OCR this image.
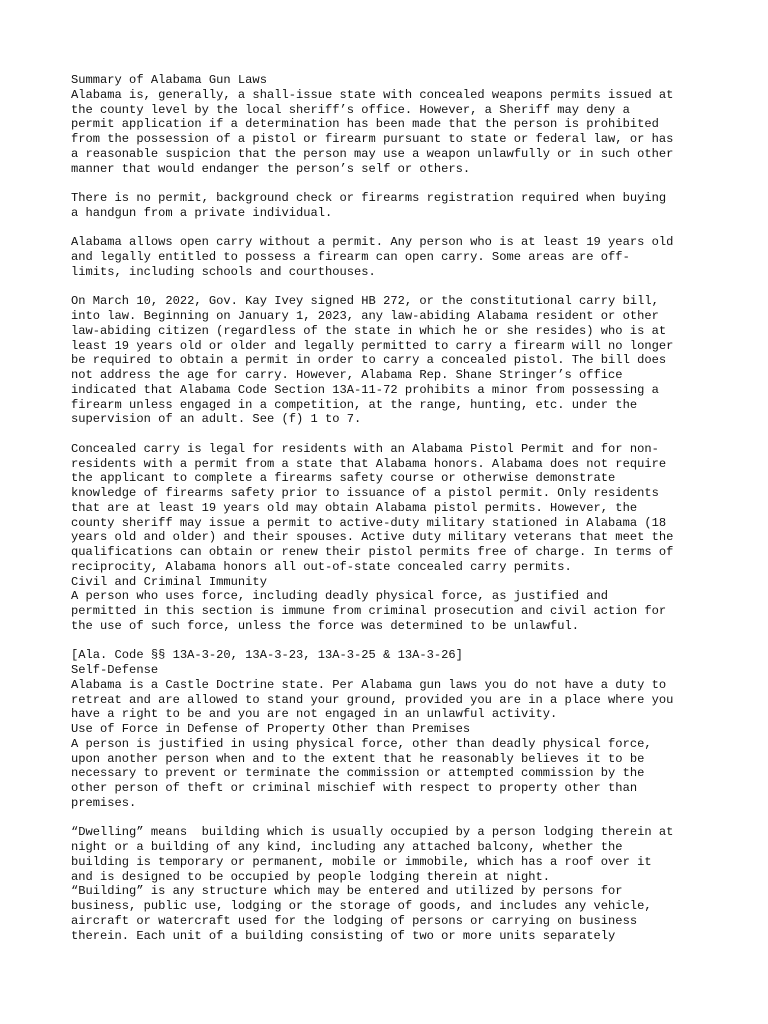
Summary of Alabama Gun Laws
Alabama is, generally, a shall-issue state with concealed weapons permits issued at
the county level by the local sheriff’s office. However, a Sheriff may deny a
permit application if a determination has been made that the person is prohibited
from the possession of a pistol or firearm pursuant to state or federal law, or has
a reasonable suspicion that the person may use a weapon unlawfully or in such other
manner that would endanger the person’s self or others.
There is no permit, background check or firearms registration required when buying
a handgun from a private individual.
Alabama allows open carry without a permit. Any person who is at least 19 years old
and legally entitled to possess a firearm can open carry. Some areas are off-
limits, including schools and courthouses.
On March 10, 2022, Gov. Kay Ivey signed HB 272, or the constitutional carry bill,
into law. Beginning on January 1, 2023, any law-abiding Alabama resident or other
law-abiding citizen (regardless of the state in which he or she resides) who is at
least 19 years old or older and legally permitted to carry a firearm will no longer
be required to obtain a permit in order to carry a concealed pistol. The bill does
not address the age for carry. However, Alabama Rep. Shane Stringer’s office
indicated that Alabama Code Section 13A-11-72 prohibits a minor from possessing a
firearm unless engaged in a competition, at the range, hunting, etc. under the
supervision of an adult. See (f) 1 to 7.
Concealed carry is legal for residents with an Alabama Pistol Permit and for non-
residents with a permit from a state that Alabama honors. Alabama does not require
the applicant to complete a firearms safety course or otherwise demonstrate
knowledge of firearms safety prior to issuance of a pistol permit. Only residents
that are at least 19 years old may obtain Alabama pistol permits. However, the
county sheriff may issue a permit to active-duty military stationed in Alabama (18
years old and older) and their spouses. Active duty military veterans that meet the
qualifications can obtain or renew their pistol permits free of charge. In terms of
reciprocity, Alabama honors all out-of-state concealed carry permits.
Civil and Criminal Immunity
A person who uses force, including deadly physical force, as justified and
permitted in this section is immune from criminal prosecution and civil action for
the use of such force, unless the force was determined to be unlawful.
[Ala. Code §§ 13A-3-20, 13A-3-23, 13A-3-25 & 13A-3-26]
Self-Defense
Alabama is a Castle Doctrine state. Per Alabama gun laws you do not have a duty to
retreat and are allowed to stand your ground, provided you are in a place where you
have a right to be and you are not engaged in an unlawful activity.
Use of Force in Defense of Property Other than Premises
A person is justified in using physical force, other than deadly physical force,
upon another person when and to the extent that he reasonably believes it to be
necessary to prevent or terminate the commission or attempted commission by the
other person of theft or criminal mischief with respect to property other than
premises.
“Dwelling” means  building which is usually occupied by a person lodging therein at
night or a building of any kind, including any attached balcony, whether the
building is temporary or permanent, mobile or immobile, which has a roof over it
and is designed to be occupied by people lodging therein at night.
“Building” is any structure which may be entered and utilized by persons for
business, public use, lodging or the storage of goods, and includes any vehicle,
aircraft or watercraft used for the lodging of persons or carrying on business
therein. Each unit of a building consisting of two or more units separately
